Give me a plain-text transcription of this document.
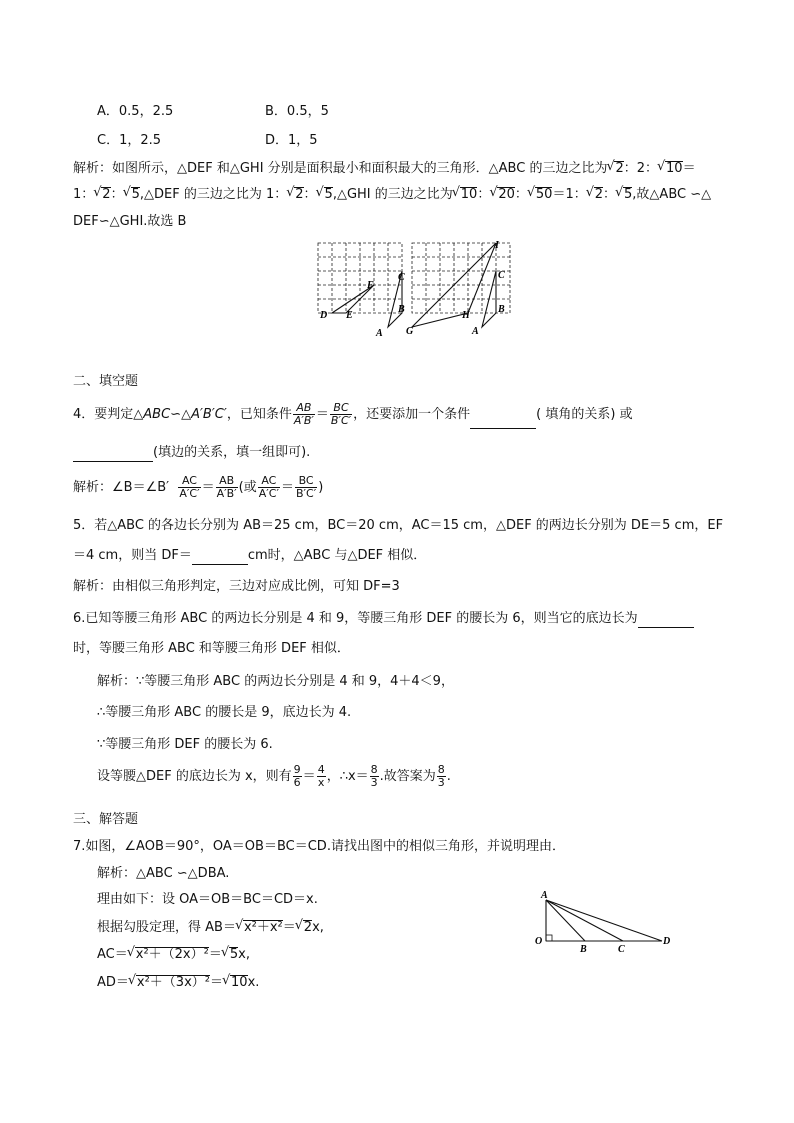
A．0.5，2.5	B．0.5，5
C．1，2.5	D．1，5
解析：如图所示，△DEF 和△GHI 分别是面积最小和面积最大的三角形．△ABC 的三边之比为 √ 2：2： √ 10＝
1： √ 2： √ 5,△DEF 的三边之比为 1： √ 2： √ 5,△GHI 的三边之比为 √ 10： √ 20： √ 50＝1： √ 2： √ 5,故△ABC ∽△
DEF∽△GHI.故选 B
D E
F
A
B
C
G
H
I
A
B
C
二、填空题
4．要判定△ABC∽△A′B′C′，已知条件 $\frac{AB}{A'B'} = \frac{BC}{B'C'}$ ，还要添加一个条件	( 填角的关系) 或
(填边的关系，填一组即可).
解析：∠B＝∠B′ $\frac{AC}{A'C'} = \frac{AB}{A'B'}$ (或 $\frac{AC}{A'C'} = \frac{BC}{B'C'}$ )
5．若△ABC 的各边长分别为 AB＝25 cm，BC＝20 cm，AC＝15 cm，△DEF 的两边长分别为 DE＝5 cm，EF
＝4 cm，则当 DF＝	cm时，△ABC 与△DEF 相似．
解析：由相似三角形判定，三边对应成比例，可知 DF=3
6.已知等腰三角形 ABC 的两边长分别是 4 和 9，等腰三角形 DEF 的腰长为 6，则当它的底边长为
时，等腰三角形 ABC 和等腰三角形 DEF 相似．
解析：∵等腰三角形 ABC 的两边长分别是 4 和 9，4＋4＜9，
∴等腰三角形 ABC 的腰长是 9，底边长为 4.
∵等腰三角形 DEF 的腰长为 6.
设等腰△DEF 的底边长为 x，则有 $\frac{9}{6} = \frac{4}{x}$ ，∴x＝ $\frac{8}{3}$ .故答案为 $\frac{8}{3}$ .
三、解答题
7.如图，∠AOB＝90°，OA＝OB＝BC＝CD.请找出图中的相似三角形，并说明理由．
解析：△ABC ∽△DBA.
理由如下：设 OA＝OB＝BC＝CD＝x.
根据勾股定理，得 AB＝ √ x²＋x²＝ √ 2x,
AC＝ √ x²＋（2x）²＝ √ 5x,
AD＝ √ x²＋（3x）²＝ √ 10x.
A
O
B	C
D
